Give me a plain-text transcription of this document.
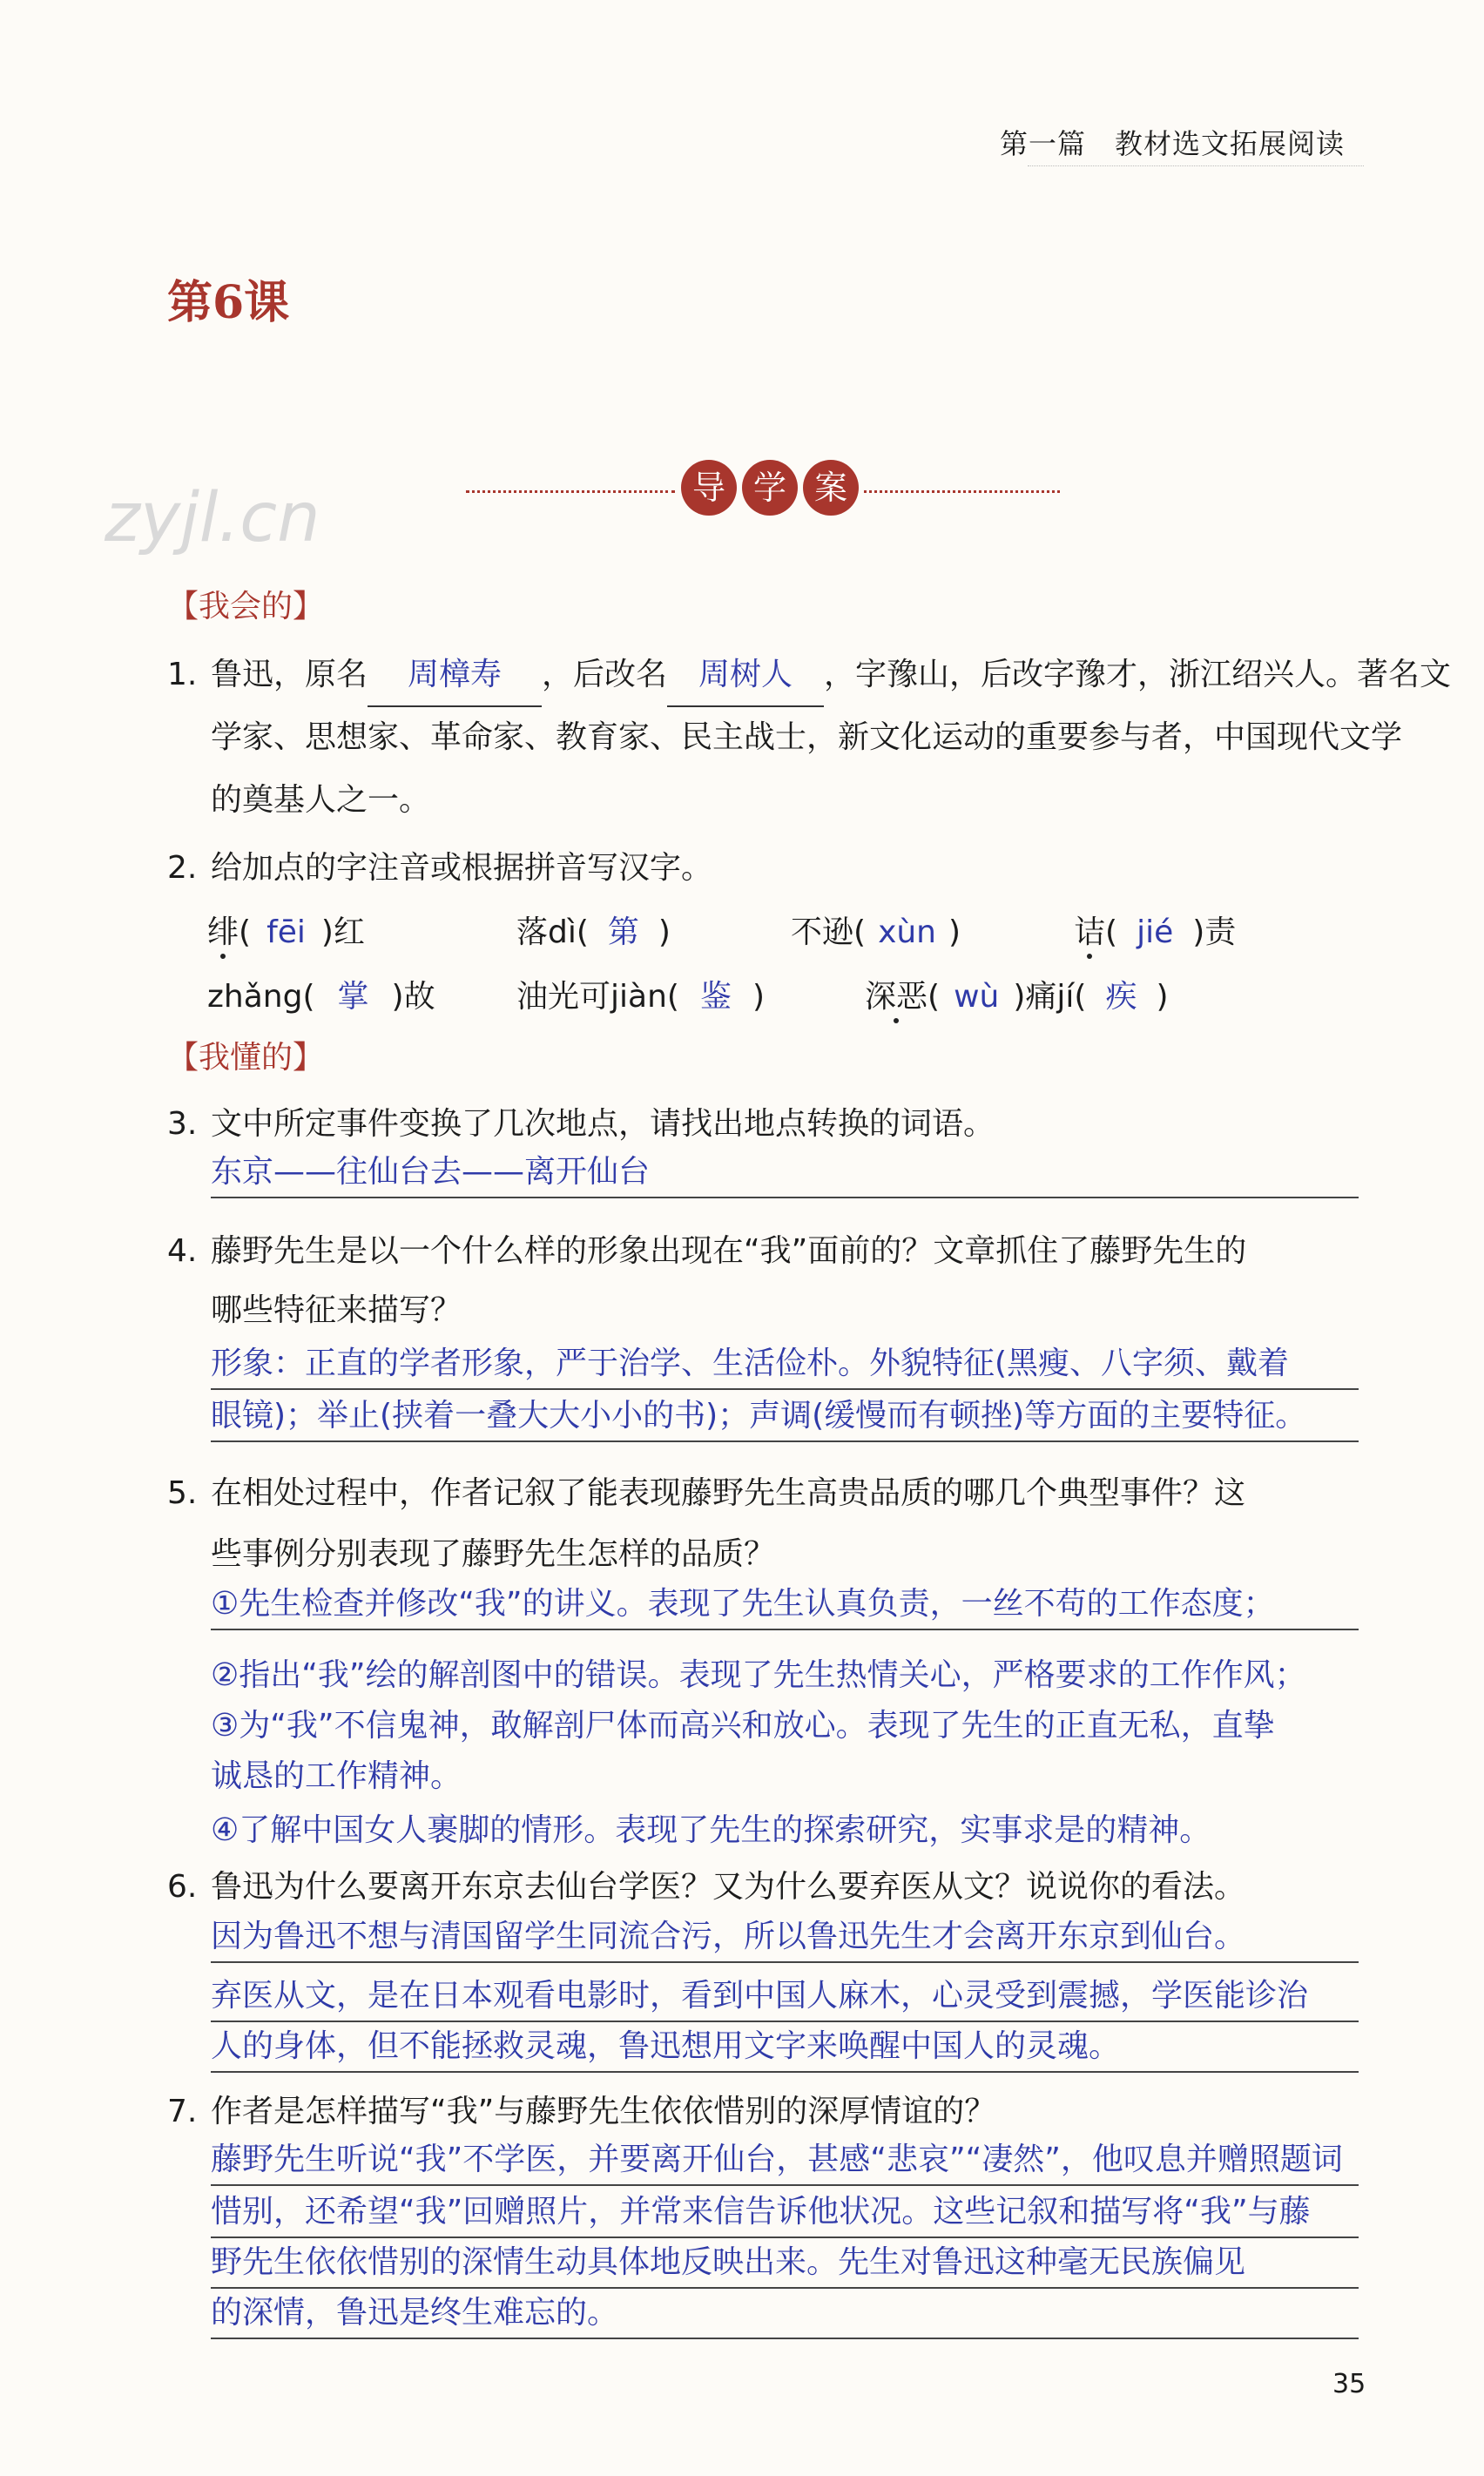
第一篇　教材选文拓展阅读
第6课
zyjl.cn	导 学 案
【我会的】
1. 鲁迅，原名 周樟寿 ，后改名 周树人 ，字豫山，后改字豫才，浙江绍兴人。著名文
学家、思想家、革命家、教育家、民主战士，新文化运动的重要参与者，中国现代文学
的奠基人之一。
2. 给加点的字注音或根据拼音写汉字。
绯( fēi )红	落dì( 第 )	不逊( xùn )	诘( jié )责
zhǎng( 掌 )故	油光可jiàn( 鉴 )	深恶( wù )痛jí( 疾 )
【我懂的】
3. 文中所定事件变换了几次地点，请找出地点转换的词语。
东京——往仙台去——离开仙台
4. 藤野先生是以一个什么样的形象出现在“我”面前的？文章抓住了藤野先生的
哪些特征来描写？
形象：正直的学者形象，严于治学、生活俭朴。外貌特征(黑瘦、八字须、戴着
眼镜)；举止(挟着一叠大大小小的书)；声调(缓慢而有顿挫)等方面的主要特征。
5. 在相处过程中，作者记叙了能表现藤野先生高贵品质的哪几个典型事件？这
些事例分别表现了藤野先生怎样的品质？
①先生检查并修改“我”的讲义。表现了先生认真负责，一丝不苟的工作态度；
②指出“我”绘的解剖图中的错误。表现了先生热情关心，严格要求的工作作风；
③为“我”不信鬼神，敢解剖尸体而高兴和放心。表现了先生的正直无私，直挚
诚恳的工作精神。
④了解中国女人裹脚的情形。表现了先生的探索研究，实事求是的精神。
6. 鲁迅为什么要离开东京去仙台学医？又为什么要弃医从文？说说你的看法。
因为鲁迅不想与清国留学生同流合污，所以鲁迅先生才会离开东京到仙台。
弃医从文，是在日本观看电影时，看到中国人麻木，心灵受到震撼，学医能诊治
人的身体，但不能拯救灵魂，鲁迅想用文字来唤醒中国人的灵魂。
7. 作者是怎样描写“我”与藤野先生依依惜别的深厚情谊的？
藤野先生听说“我”不学医，并要离开仙台，甚感“悲哀”“凄然”，他叹息并赠照题词
惜别，还希望“我”回赠照片，并常来信告诉他状况。这些记叙和描写将“我”与藤
野先生依依惜别的深情生动具体地反映出来。先生对鲁迅这种毫无民族偏见
的深情，鲁迅是终生难忘的。
35
